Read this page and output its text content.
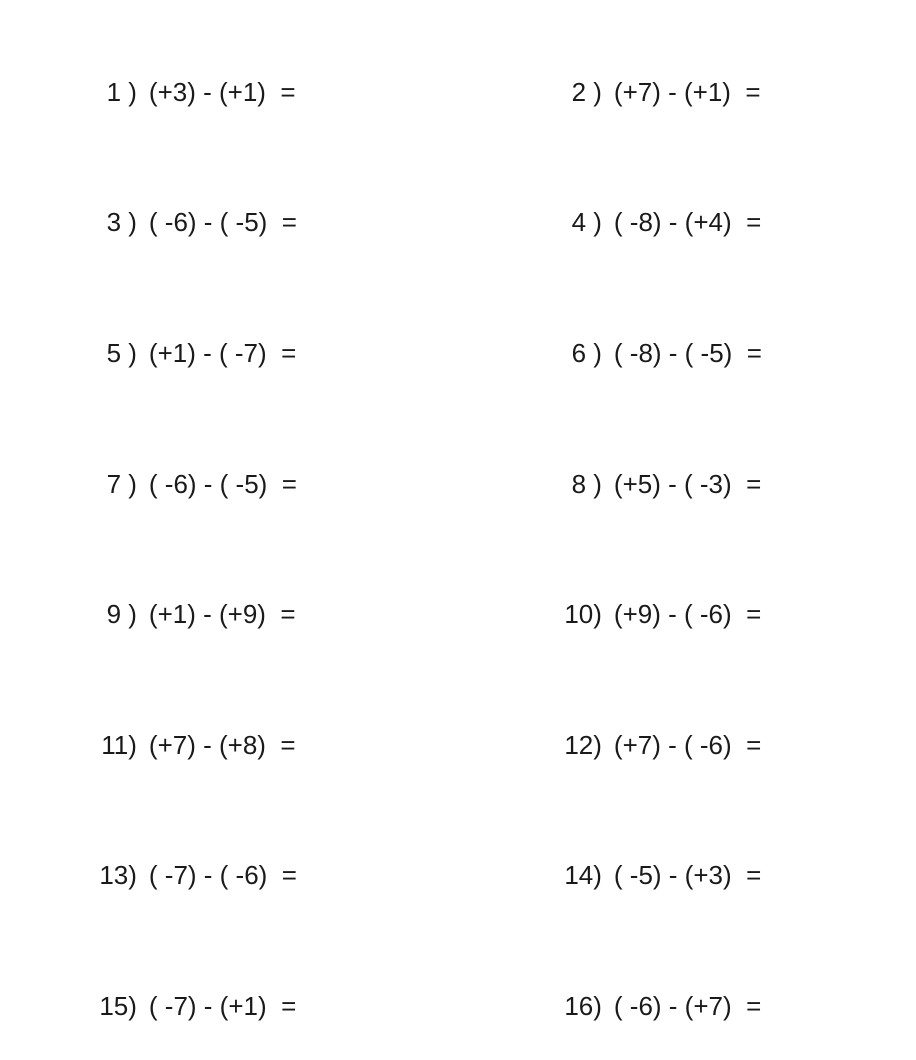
1 ) (+3) - (+1)  =
	2 ) (+7) - (+1)  =

3 ) ( -6) - ( -5)  =
	4 ) ( -8) - (+4)  =

5 ) (+1) - ( -7)  =
	6 ) ( -8) - ( -5)  =

7 ) ( -6) - ( -5)  =
	8 ) (+5) - ( -3)  =

9 ) (+1) - (+9)  =
	10) (+9) - ( -6)  =

11) (+7) - (+8)  =
	12) (+7) - ( -6)  =

13) ( -7) - ( -6)  =
	14) ( -5) - (+3)  =

15) ( -7) - (+1)  =
	16) ( -6) - (+7)  =
